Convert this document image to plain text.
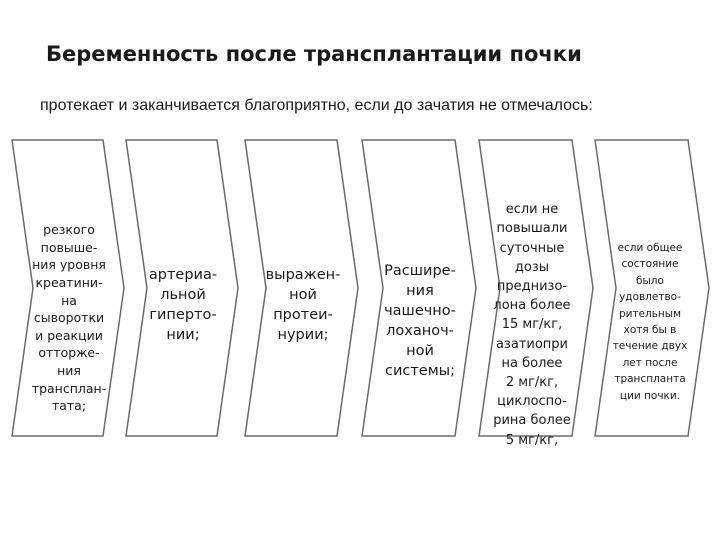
Беременность после трансплантации почки
протекает и заканчивается благоприятно, если до зачатия не отмечалось:
резкого
повыше-
ния уровня
креатини-
на
сыворотки
и реакции
отторже-
ния
трансплан-
тата;
артериа-
льной
гиперто-
нии;
выражен-
ной
протеи-
нурии;
Расшире-
ния
чашечно-
лоханоч-
ной
системы;
если не
повышали
суточные
дозы
преднизо-
лона более
15 мг/кг,
азатиопри
на более
2 мг/кг,
циклоспо-
рина более
5 мг/кг,
если общее
состояние
было
удовлетво-
рительным
хотя бы в
течение двух
лет после
трансплантa
ции почки.
